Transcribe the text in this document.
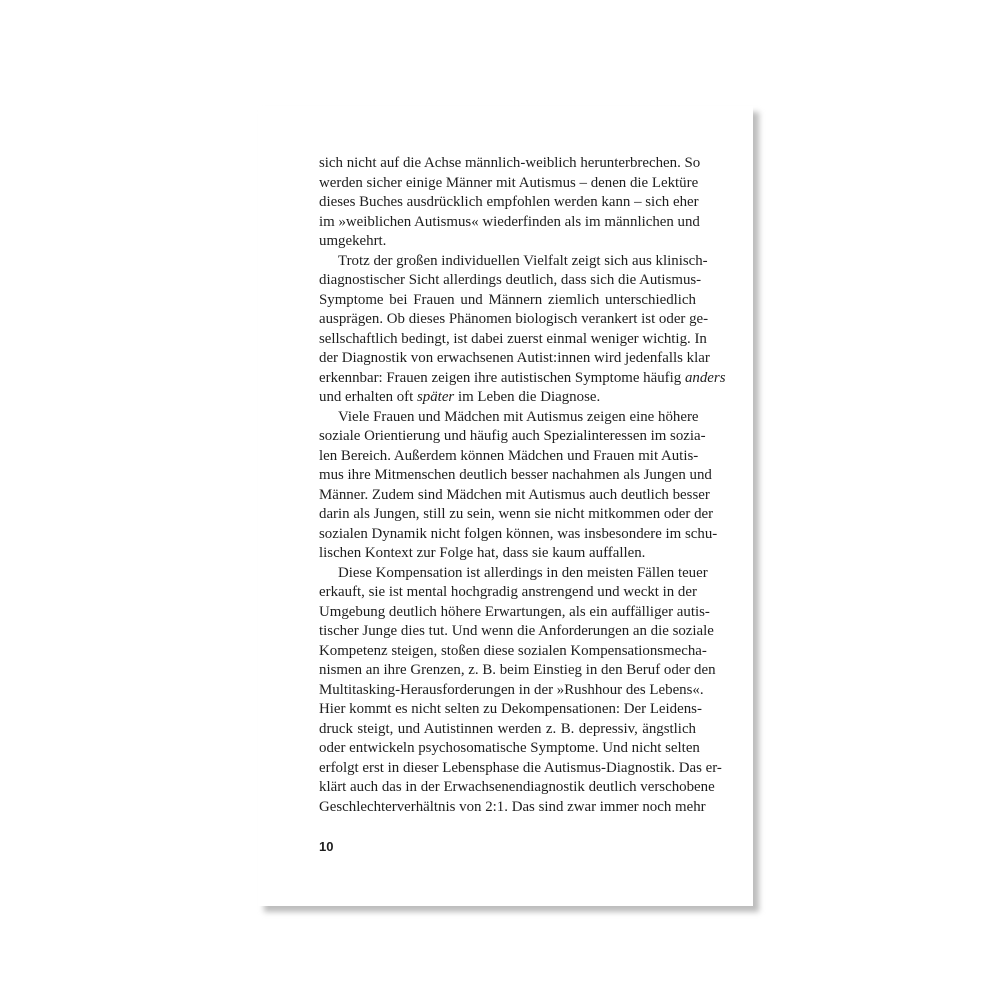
sich nicht auf die Achse männlich-weiblich herunterbrechen. So
werden sicher einige Männer mit Autismus – denen die Lektüre
dieses Buches ausdrücklich empfohlen werden kann – sich eher
im »weiblichen Autismus« wiederfinden als im männlichen und
umgekehrt.
Trotz der großen individuellen Vielfalt zeigt sich aus klinisch-
diagnostischer Sicht allerdings deutlich, dass sich die Autismus-
Symptome bei Frauen und Männern ziemlich unterschiedlich
ausprägen. Ob dieses Phänomen biologisch verankert ist oder ge-
sellschaftlich bedingt, ist dabei zuerst einmal weniger wichtig. In
der Diagnostik von erwachsenen Autist:innen wird jedenfalls klar
erkennbar: Frauen zeigen ihre autistischen Symptome häufig anders
und erhalten oft später im Leben die Diagnose.
Viele Frauen und Mädchen mit Autismus zeigen eine höhere
soziale Orientierung und häufig auch Spezialinteressen im sozia-
len Bereich. Außerdem können Mädchen und Frauen mit Autis-
mus ihre Mitmenschen deutlich besser nachahmen als Jungen und
Männer. Zudem sind Mädchen mit Autismus auch deutlich besser
darin als Jungen, still zu sein, wenn sie nicht mitkommen oder der
sozialen Dynamik nicht folgen können, was insbesondere im schu-
lischen Kontext zur Folge hat, dass sie kaum auffallen.
Diese Kompensation ist allerdings in den meisten Fällen teuer
erkauft, sie ist mental hochgradig anstrengend und weckt in der
Umgebung deutlich höhere Erwartungen, als ein auffälliger autis-
tischer Junge dies tut. Und wenn die Anforderungen an die soziale
Kompetenz steigen, stoßen diese sozialen Kompensationsmecha-
nismen an ihre Grenzen, z. B. beim Einstieg in den Beruf oder den
Multitasking-Herausforderungen in der »Rushhour des Lebens«.
Hier kommt es nicht selten zu Dekompensationen: Der Leidens-
druck steigt, und Autistinnen werden z. B. depressiv, ängstlich
oder entwickeln psychosomatische Symptome. Und nicht selten
erfolgt erst in dieser Lebensphase die Autismus-Diagnostik. Das er-
klärt auch das in der Erwachsenendiagnostik deutlich verschobene
Geschlechterverhältnis von 2:1. Das sind zwar immer noch mehr
10
